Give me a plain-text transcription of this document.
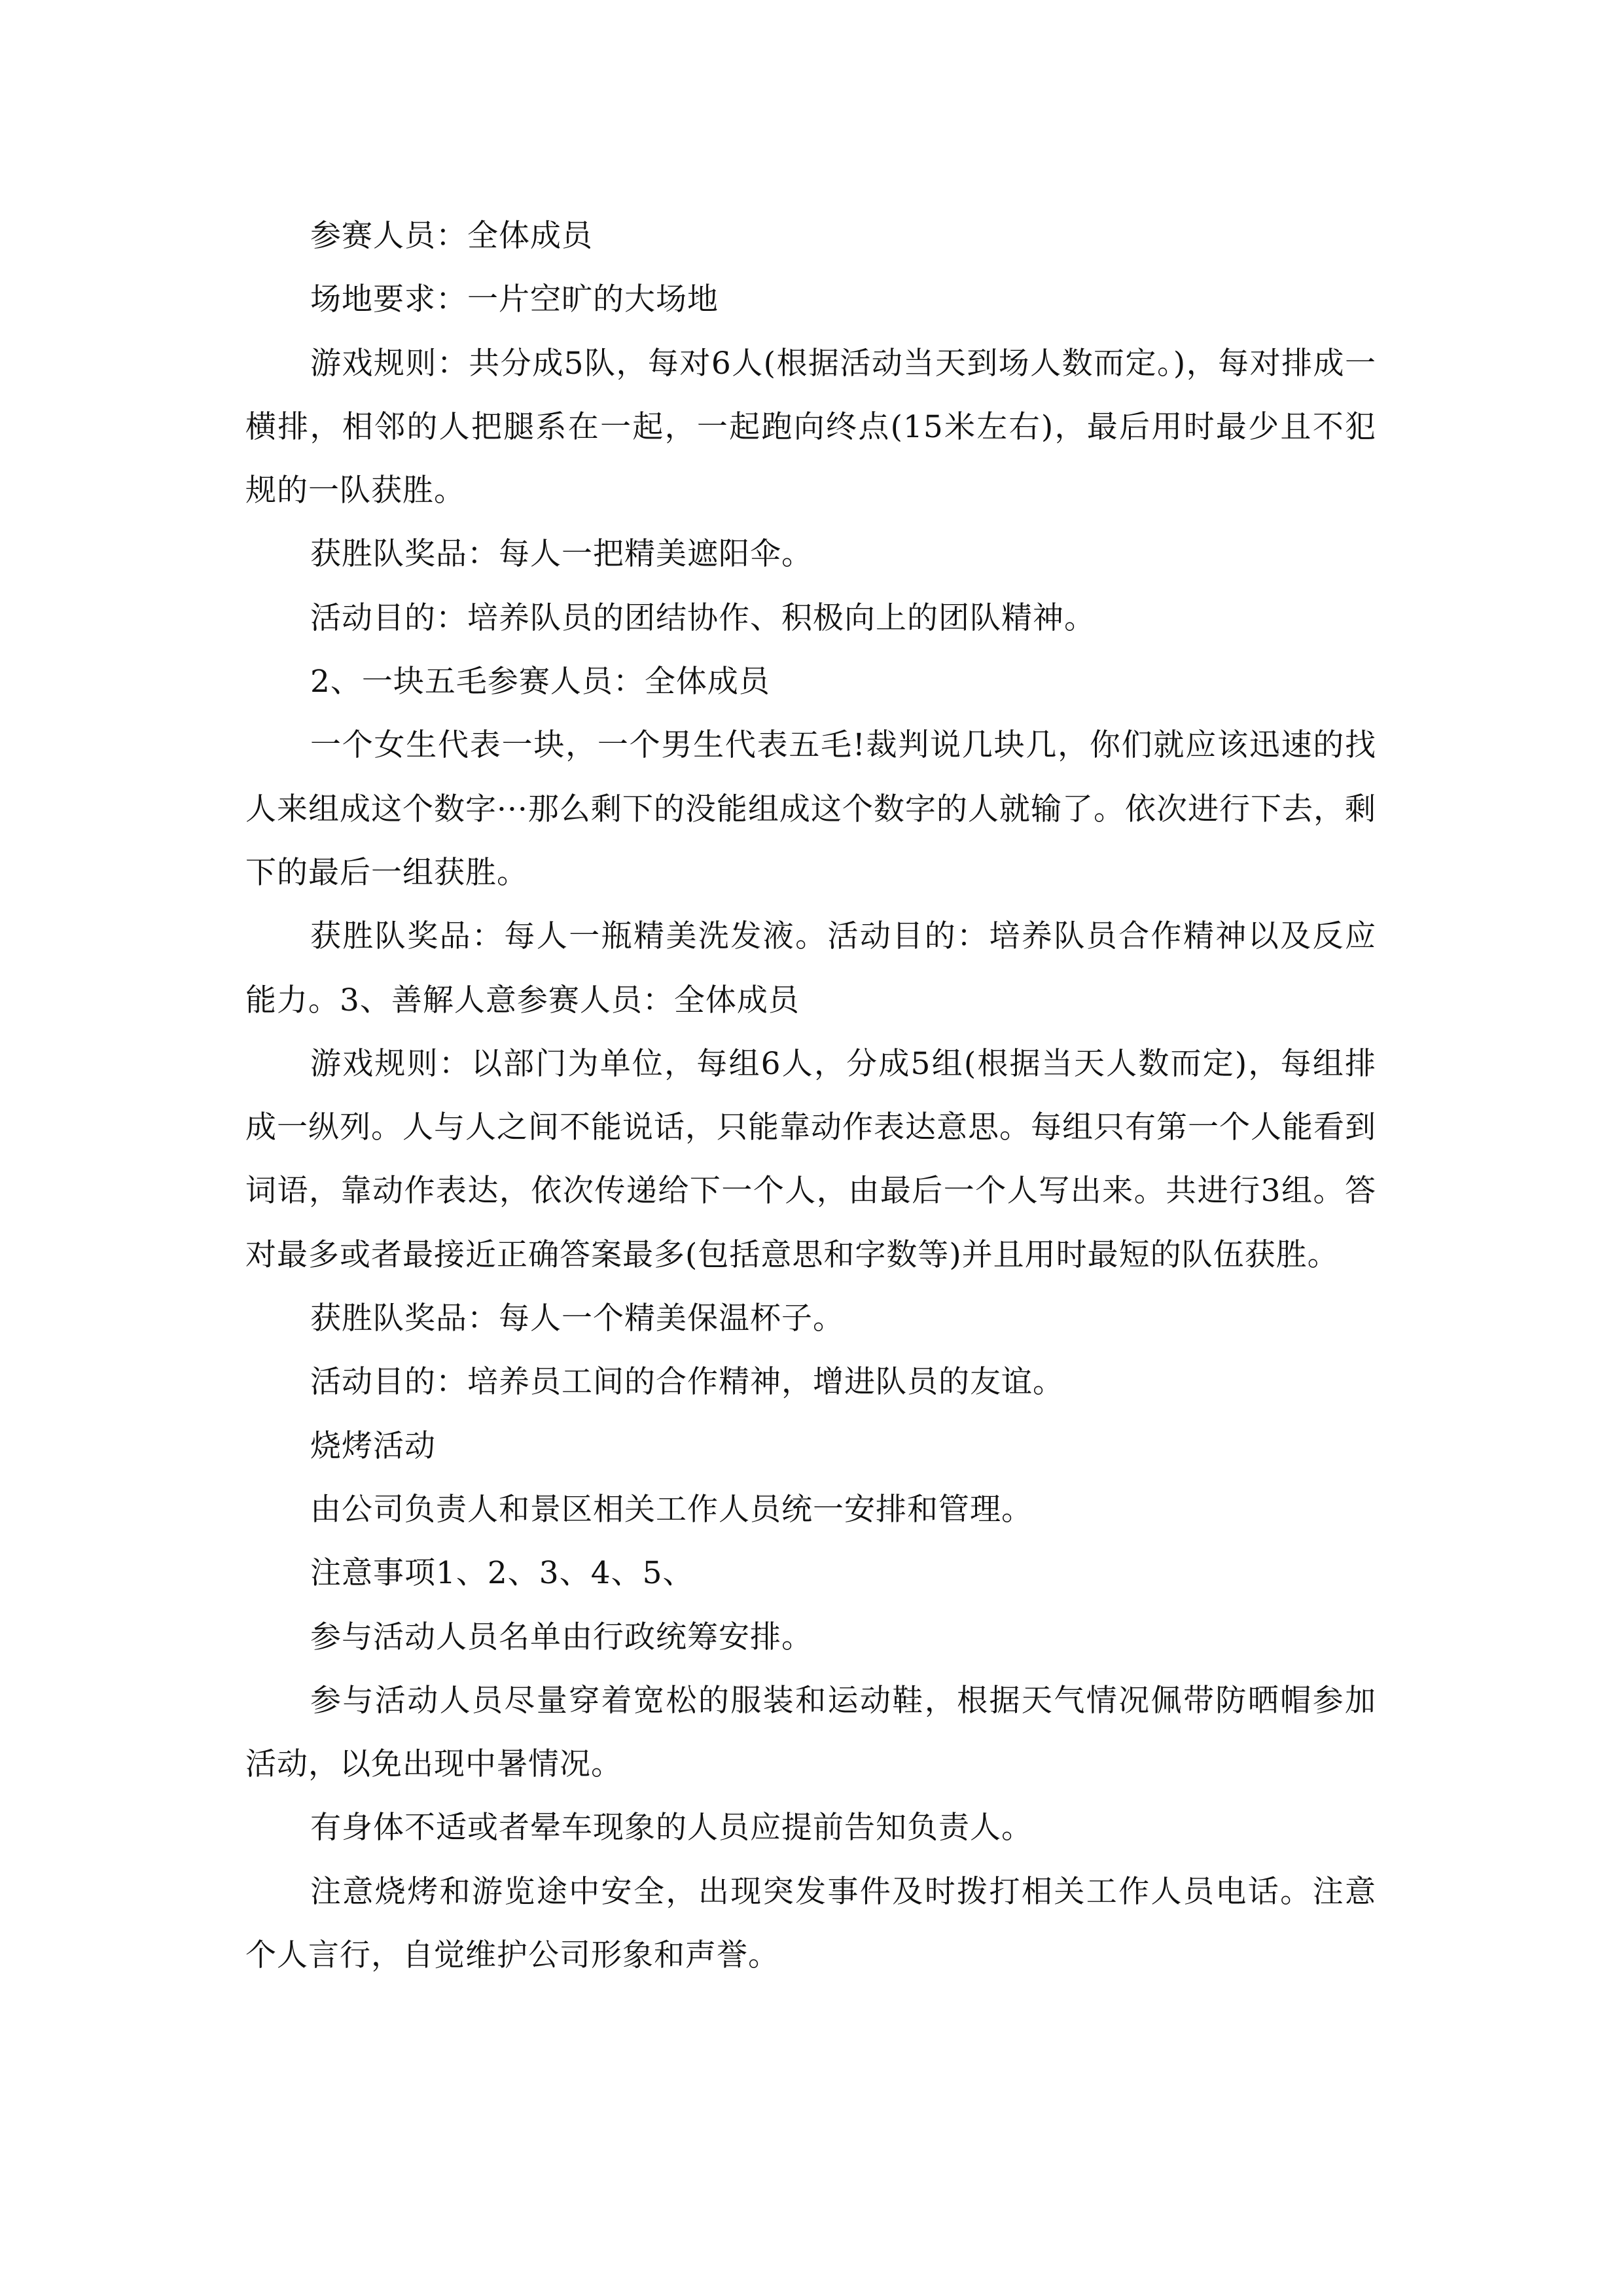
参赛人员：全体成员

场地要求：一片空旷的大场地

游戏规则：共分成5队，每对6人(根据活动当天到场人数而定。)，每对排成一横排，相邻的人把腿系在一起，一起跑向终点(15米左右)，最后用时最少且不犯规的一队获胜。

获胜队奖品：每人一把精美遮阳伞。

活动目的：培养队员的团结协作、积极向上的团队精神。

2、一块五毛参赛人员：全体成员

一个女生代表一块，一个男生代表五毛!裁判说几块几，你们就应该迅速的找人来组成这个数字···那么剩下的没能组成这个数字的人就输了。依次进行下去，剩下的最后一组获胜。

获胜队奖品：每人一瓶精美洗发液。活动目的：培养队员合作精神以及反应能力。3、善解人意参赛人员：全体成员

游戏规则：以部门为单位，每组6人，分成5组(根据当天人数而定)，每组排成一纵列。人与人之间不能说话，只能靠动作表达意思。每组只有第一个人能看到词语，靠动作表达，依次传递给下一个人，由最后一个人写出来。共进行3组。答对最多或者最接近正确答案最多(包括意思和字数等)并且用时最短的队伍获胜。

获胜队奖品：每人一个精美保温杯子。

活动目的：培养员工间的合作精神，增进队员的友谊。

烧烤活动

由公司负责人和景区相关工作人员统一安排和管理。

注意事项1、2、3、4、5、

参与活动人员名单由行政统筹安排。

参与活动人员尽量穿着宽松的服装和运动鞋，根据天气情况佩带防晒帽参加活动，以免出现中暑情况。

有身体不适或者晕车现象的人员应提前告知负责人。

注意烧烤和游览途中安全，出现突发事件及时拨打相关工作人员电话。注意个人言行，自觉维护公司形象和声誉。
